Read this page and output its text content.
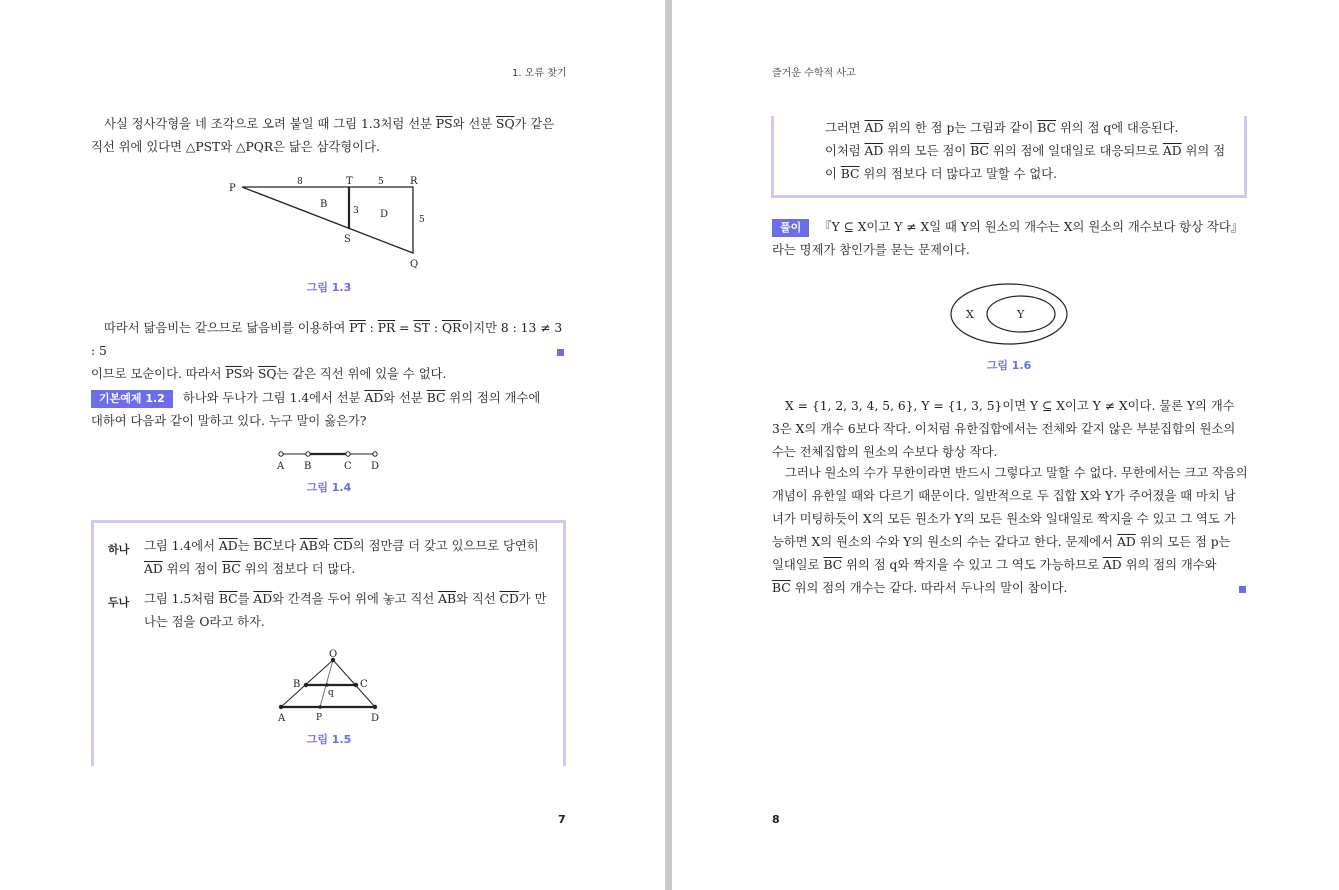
1. 오류 찾기
사실 정사각형을 네 조각으로 오려 붙일 때 그림 1.3처럼 선분 $\overline{PS}$와 선분 $\overline{SQ}$가 같은
직선 위에 있다면 △PST와 △PQR은 닮은 삼각형이다.
P
T	R
S
Q
B
D
8	5
3
5
그림 1.3
따라서 닮음비는 같으므로 닮음비를 이용하여 $\overline{PT}$ : $\overline{PR} = \overline{ST}$ : $\overline{QR}$이지만 8 : 13 ≠ 3 : 5
이므로 모순이다. 따라서 $\overline{PS}$와 $\overline{SQ}$는 같은 직선 위에 있을 수 없다.
기본예제 1.2 하나와 두나가 그림 1.4에서 선분 $\overline{AD}$와 선분 $\overline{BC}$ 위의 점의 개수에
대하여 다음과 같이 말하고 있다. 누구 말이 옳은가?
A B	C D
그림 1.4
하나 그림 1.4에서 $\overline{AD}$는 $\overline{BC}$보다 $\overline{AB}$와 $\overline{CD}$의 점만큼 더 갖고 있으므로 당연히
$\overline{AD}$ 위의 점이 $\overline{BC}$ 위의 점보다 더 많다.
두나 그림 1.5처럼 $\overline{BC}$를 $\overline{AD}$와 간격을 두어 위에 놓고 직선 $\overline{AB}$와 직선 $\overline{CD}$가 만
나는 점을 O라고 하자.
O
B	C
q
A	P	D
그림 1.5
7
즐거운 수학적 사고
그러면 $\overline{AD}$ 위의 한 점 p는 그림과 같이 $\overline{BC}$ 위의 점 q에 대응된다.
이처럼 $\overline{AD}$ 위의 모든 점이 $\overline{BC}$ 위의 점에 일대일로 대응되므로 $\overline{AD}$ 위의 점
이 $\overline{BC}$ 위의 점보다 더 많다고 말할 수 없다.
풀이 『Y ⊆ X이고 Y ≠ X일 때 Y의 원소의 개수는 X의 원소의 개수보다 항상 작다』
라는 명제가 참인가를 묻는 문제이다.
X	Y
그림 1.6
X = {1, 2, 3, 4, 5, 6}, Y = {1, 3, 5}이면 Y ⊆ X이고 Y ≠ X이다. 물론 Y의 개수
3은 X의 개수 6보다 작다. 이처럼 유한집합에서는 전체와 같지 않은 부분집합의 원소의
수는 전체집합의 원소의 수보다 항상 작다.
그러나 원소의 수가 무한이라면 반드시 그렇다고 말할 수 없다. 무한에서는 크고 작음의
개념이 유한일 때와 다르기 때문이다. 일반적으로 두 집합 X와 Y가 주어졌을 때 마치 남
녀가 미팅하듯이 X의 모든 원소가 Y의 모든 원소와 일대일로 짝지을 수 있고 그 역도 가
능하면 X의 원소의 수와 Y의 원소의 수는 같다고 한다. 문제에서 $\overline{AD}$ 위의 모든 점 p는
일대일로 $\overline{BC}$ 위의 점 q와 짝지을 수 있고 그 역도 가능하므로 $\overline{AD}$ 위의 점의 개수와
$\overline{BC}$ 위의 점의 개수는 같다. 따라서 두나의 말이 참이다.
8
